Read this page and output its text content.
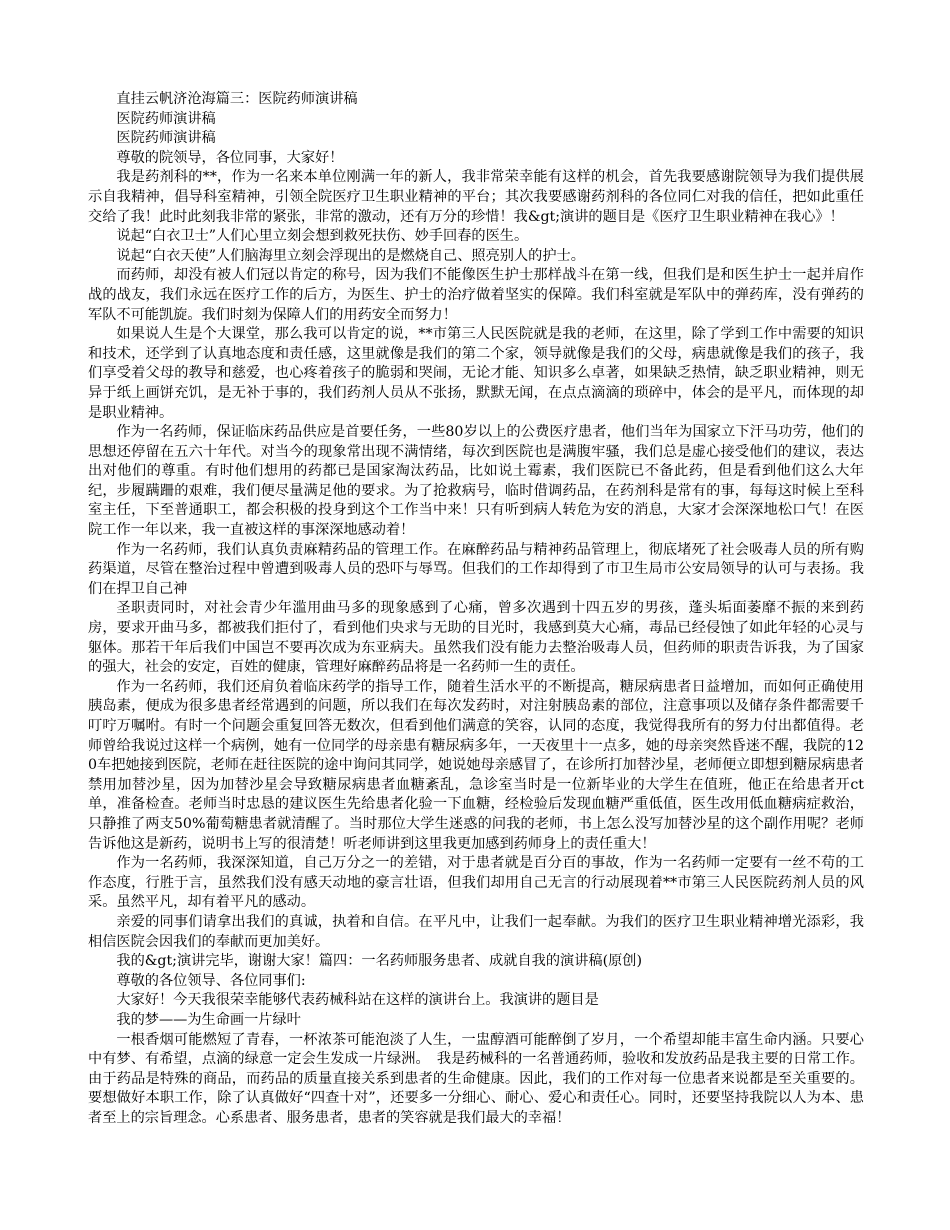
直挂云帆济沧海篇三：医院药师演讲稿

医院药师演讲稿

医院药师演讲稿

尊敬的院领导，各位同事，大家好！

我是药剂科的**，作为一名来本单位刚满一年的新人，我非常荣幸能有这样的机会，首先我要感谢院领导为我们提供展示自我精神，倡导科室精神，引领全院医疗卫生职业精神的平台；其次我要感谢药剂科的各位同仁对我的信任，把如此重任交给了我！此时此刻我非常的紧张，非常的激动，还有万分的珍惜！我&gt;演讲的题目是《医疗卫生职业精神在我心》！

说起“白衣卫士”人们心里立刻会想到救死扶伤、妙手回春的医生。

说起“白衣天使”人们脑海里立刻会浮现出的是燃烧自己、照亮别人的护士。

而药师，却没有被人们冠以肯定的称号，因为我们不能像医生护士那样战斗在第一线，但我们是和医生护士一起并肩作战的战友，我们永远在医疗工作的后方，为医生、护士的治疗做着坚实的保障。我们科室就是军队中的弹药库，没有弹药的军队不可能凯旋。我们时刻为保障人们的用药安全而努力！

如果说人生是个大课堂，那么我可以肯定的说，**市第三人民医院就是我的老师，在这里，除了学到工作中需要的知识和技术，还学到了认真地态度和责任感，这里就像是我们的第二个家，领导就像是我们的父母，病患就像是我们的孩子，我们享受着父母的教导和慈爱，也心疼着孩子的脆弱和哭闹，无论才能、知识多么卓著，如果缺乏热情，缺乏职业精神，则无异于纸上画饼充饥，是无补于事的，我们药剂人员从不张扬，默默无闻，在点点滴滴的琐碎中，体会的是平凡，而体现的却是职业精神。

作为一名药师，保证临床药品供应是首要任务，一些80岁以上的公费医疗患者，他们当年为国家立下汗马功劳，他们的思想还停留在五六十年代。对当今的现象常出现不满情绪，每次到医院也是满腹牢骚，我们总是虚心接受他们的建议，表达出对他们的尊重。有时他们想用的药都已是国家淘汰药品，比如说土霉素，我们医院已不备此药，但是看到他们这么大年纪，步履蹒跚的艰难，我们便尽量满足他的要求。为了抢救病号，临时借调药品，在药剂科是常有的事，每每这时候上至科室主任，下至普通职工，都会积极的投身到这个工作当中来！只有听到病人转危为安的消息，大家才会深深地松口气！在医院工作一年以来，我一直被这样的事深深地感动着！

作为一名药师，我们认真负责麻精药品的管理工作。在麻醉药品与精神药品管理上，彻底堵死了社会吸毒人员的所有购药渠道，尽管在整治过程中曾遭到吸毒人员的恐吓与辱骂。但我们的工作却得到了市卫生局市公安局领导的认可与表扬。我们在捍卫自己神

圣职责同时，对社会青少年滥用曲马多的现象感到了心痛，曾多次遇到十四五岁的男孩，蓬头垢面萎靡不振的来到药房，要求开曲马多，都被我们拒付了，看到他们央求与无助的目光时，我感到莫大心痛，毒品已经侵蚀了如此年轻的心灵与躯体。那若干年后我们中国岂不要再次成为东亚病夫。虽然我们没有能力去整治吸毒人员，但药师的职责告诉我，为了国家的强大，社会的安定，百姓的健康，管理好麻醉药品将是一名药师一生的责任。

作为一名药师，我们还肩负着临床药学的指导工作，随着生活水平的不断提高，糖尿病患者日益增加，而如何正确使用胰岛素，便成为很多患者经常遇到的问题，所以我们在每次发药时，对注射胰岛素的部位，注意事项以及储存条件都需要千叮咛万嘱咐。有时一个问题会重复回答无数次，但看到他们满意的笑容，认同的态度，我觉得我所有的努力付出都值得。老师曾给我说过这样一个病例，她有一位同学的母亲患有糖尿病多年，一天夜里十一点多，她的母亲突然昏迷不醒，我院的120车把她接到医院，老师在赶往医院的途中询问其同学，她说她母亲感冒了，在诊所打加替沙星，老师便立即想到糖尿病患者禁用加替沙星，因为加替沙星会导致糖尿病患者血糖紊乱，急诊室当时是一位新毕业的大学生在值班，他正在给患者开ct单，准备检查。老师当时忠恳的建议医生先给患者化验一下血糖，经检验后发现血糖严重低值，医生改用低血糖病症救治，只静推了两支50%葡萄糖患者就清醒了。当时那位大学生迷惑的问我的老师，书上怎么没写加替沙星的这个副作用呢？老师告诉他这是新药，说明书上写的很清楚！听老师讲到这里我更加感到药师身上的责任重大！

作为一名药师，我深深知道，自己万分之一的差错，对于患者就是百分百的事故，作为一名药师一定要有一丝不苟的工作态度，行胜于言，虽然我们没有感天动地的豪言壮语，但我们却用自己无言的行动展现着**市第三人民医院药剂人员的风采。虽然平凡，却有着平凡的感动。

亲爱的同事们请拿出我们的真诚，执着和自信。在平凡中，让我们一起奉献。为我们的医疗卫生职业精神增光添彩，我相信医院会因我们的奉献而更加美好。

我的&gt;演讲完毕，谢谢大家！篇四：一名药师服务患者、成就自我的演讲稿(原创)

尊敬的各位领导、各位同事们:

大家好！今天我很荣幸能够代表药械科站在这样的演讲台上。我演讲的题目是

我的梦——为生命画一片绿叶

一根香烟可能燃短了青春，一杯浓茶可能泡淡了人生，一盅醇酒可能醉倒了岁月，一个希望却能丰富生命内涵。只要心中有梦、有希望，点滴的绿意一定会生发成一片绿洲。　我是药械科的一名普通药师，验收和发放药品是我主要的日常工作。由于药品是特殊的商品，而药品的质量直接关系到患者的生命健康。因此，我们的工作对每一位患者来说都是至关重要的。要想做好本职工作，除了认真做好“四查十对”，还要多一分细心、耐心、爱心和责任心。同时，还要坚持我院以人为本、患者至上的宗旨理念。心系患者、服务患者，患者的笑容就是我们最大的幸福！
